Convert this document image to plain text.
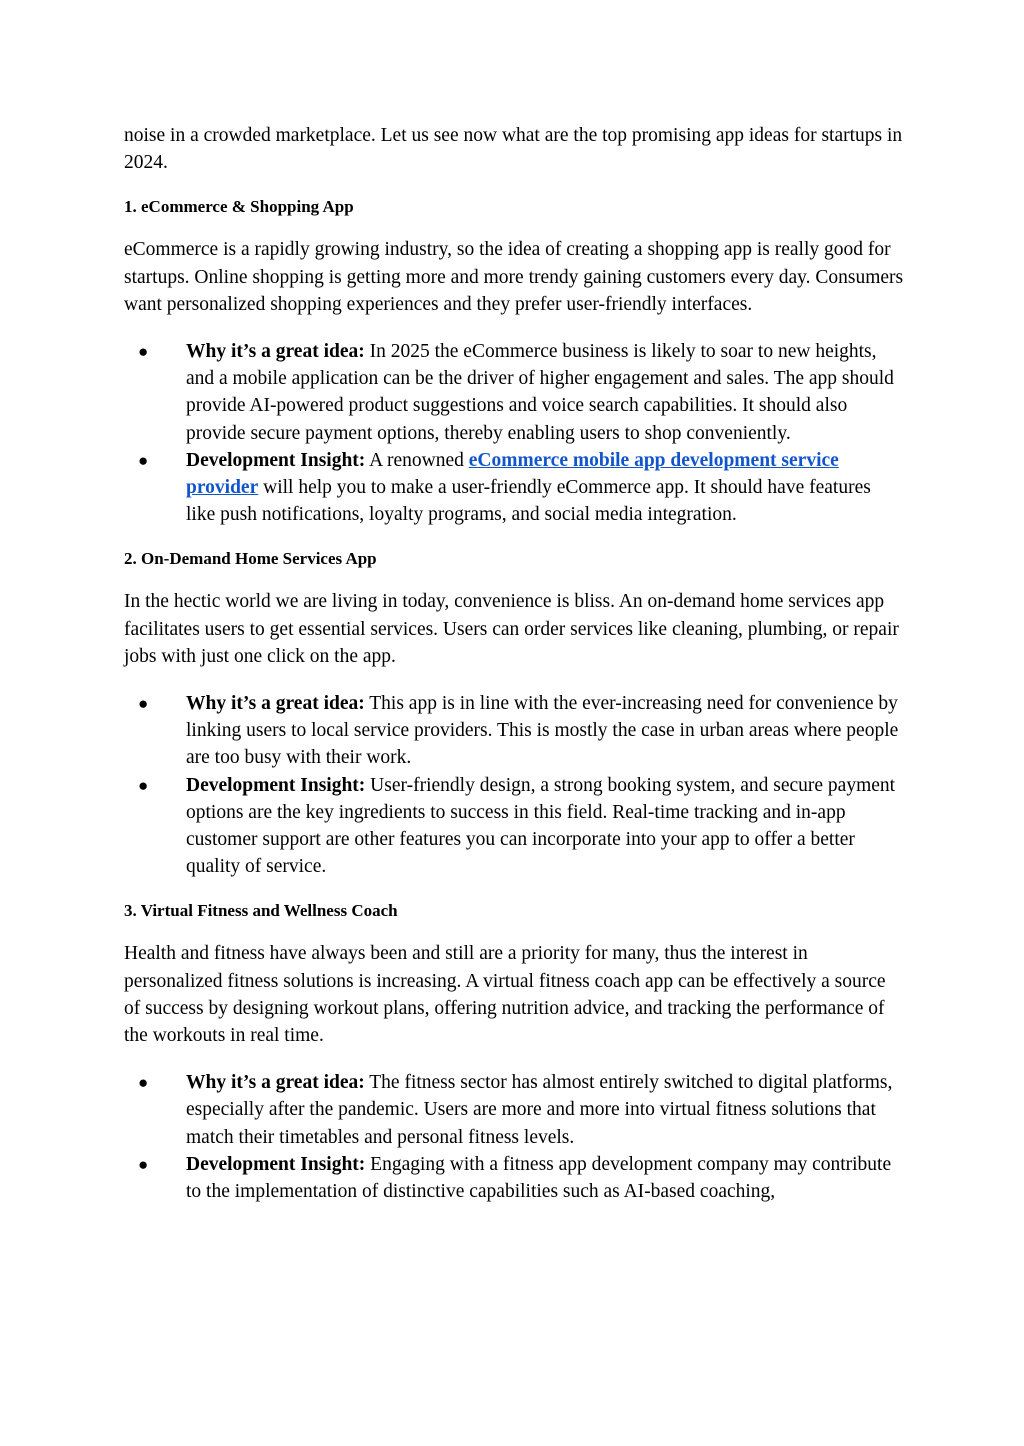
noise in a crowded marketplace. Let us see now what are the top promising app ideas for startups in 2024.

1. eCommerce & Shopping App

eCommerce is a rapidly growing industry, so the idea of creating a shopping app is really good for startups. Online shopping is getting more and more trendy gaining customers every day. Consumers want personalized shopping experiences and they prefer user-friendly interfaces.

● Why it’s a great idea: In 2025 the eCommerce business is likely to soar to new heights, and a mobile application can be the driver of higher engagement and sales. The app should provide AI-powered product suggestions and voice search capabilities. It should also provide secure payment options, thereby enabling users to shop conveniently.
● Development Insight: A renowned eCommerce mobile app development service provider will help you to make a user-friendly eCommerce app. It should have features like push notifications, loyalty programs, and social media integration.
2. On-Demand Home Services App

In the hectic world we are living in today, convenience is bliss. An on-demand home services app facilitates users to get essential services. Users can order services like cleaning, plumbing, or repair jobs with just one click on the app.

● Why it’s a great idea: This app is in line with the ever-increasing need for convenience by linking users to local service providers. This is mostly the case in urban areas where people are too busy with their work.
● Development Insight: User-friendly design, a strong booking system, and secure payment options are the key ingredients to success in this field. Real-time tracking and in-app customer support are other features you can incorporate into your app to offer a better quality of service.
3. Virtual Fitness and Wellness Coach

Health and fitness have always been and still are a priority for many, thus the interest in personalized fitness solutions is increasing. A virtual fitness coach app can be effectively a source of success by designing workout plans, offering nutrition advice, and tracking the performance of the workouts in real time.

● Why it’s a great idea: The fitness sector has almost entirely switched to digital platforms, especially after the pandemic. Users are more and more into virtual fitness solutions that match their timetables and personal fitness levels.
● Development Insight: Engaging with a fitness app development company may contribute to the implementation of distinctive capabilities such as AI-based coaching,
